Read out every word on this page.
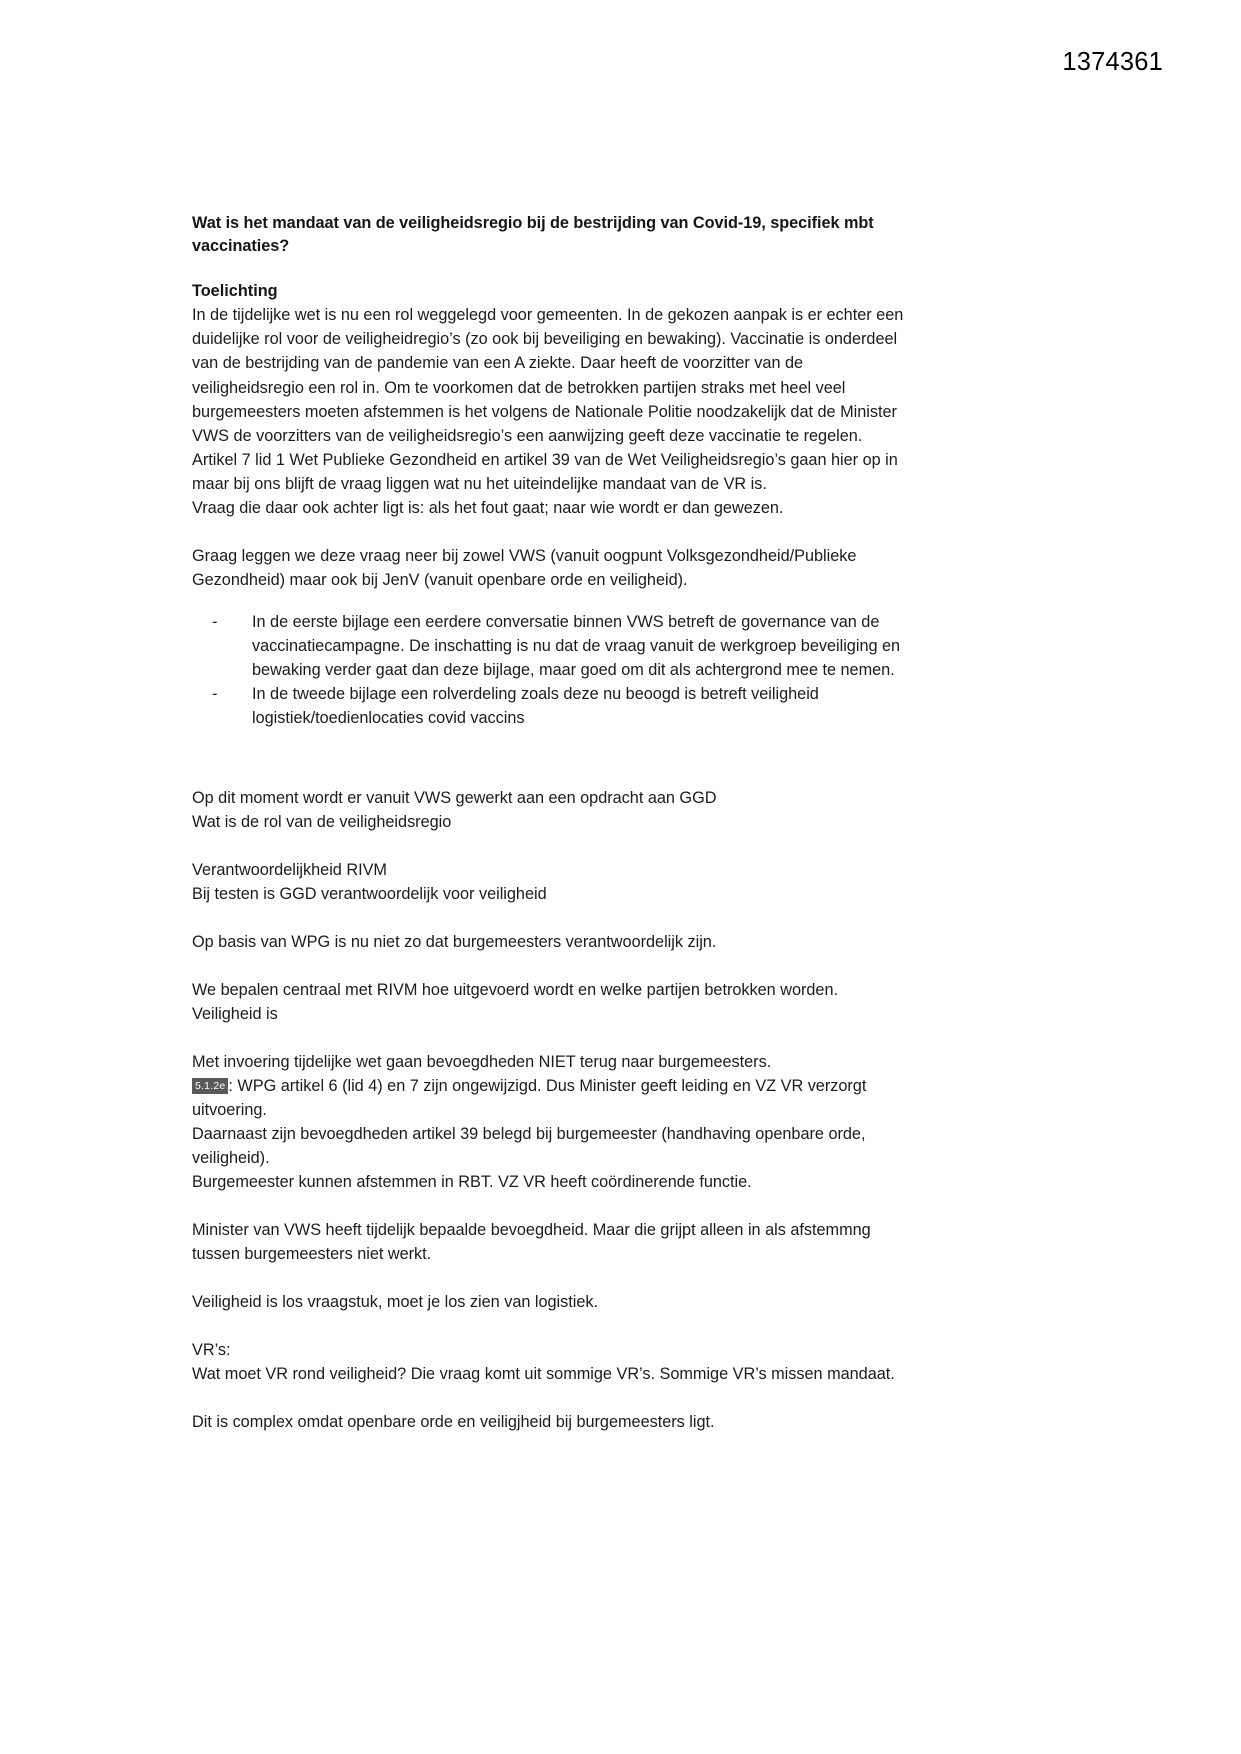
1374361

Wat is het mandaat van de veiligheidsregio bij de bestrijding van Covid-19, specifiek mbt vaccinaties?

Toelichting

In de tijdelijke wet is nu een rol weggelegd voor gemeenten. In de gekozen aanpak is er echter een duidelijke rol voor de veiligheidregio’s (zo ook bij beveiliging en bewaking). Vaccinatie is onderdeel van de bestrijding van de pandemie van een A ziekte. Daar heeft de voorzitter van de veiligheidsregio een rol in. Om te voorkomen dat de betrokken partijen straks met heel veel burgemeesters moeten afstemmen is het volgens de Nationale Politie noodzakelijk dat de Minister VWS de voorzitters van de veiligheidsregio’s een aanwijzing geeft deze vaccinatie te regelen. Artikel 7 lid 1 Wet Publieke Gezondheid en artikel 39 van de Wet Veiligheidsregio’s gaan hier op in maar bij ons blijft de vraag liggen wat nu het uiteindelijke mandaat van de VR is.

Vraag die daar ook achter ligt is: als het fout gaat; naar wie wordt er dan gewezen.

Graag leggen we deze vraag neer bij zowel VWS (vanuit oogpunt Volksgezondheid/Publieke Gezondheid) maar ook bij JenV (vanuit openbare orde en veiligheid).

- In de eerste bijlage een eerdere conversatie binnen VWS betreft de governance van de vaccinatiecampagne. De inschatting is nu dat de vraag vanuit de werkgroep beveiliging en bewaking verder gaat dan deze bijlage, maar goed om dit als achtergrond mee te nemen.
- In de tweede bijlage een rolverdeling zoals deze nu beoogd is betreft veiligheid logistiek/toedienlocaties covid vaccins

Op dit moment wordt er vanuit VWS gewerkt aan een opdracht aan GGD

Wat is de rol van de veiligheidsregio

Verantwoordelijkheid RIVM

Bij testen is GGD verantwoordelijk voor veiligheid

Op basis van WPG is nu niet zo dat burgemeesters verantwoordelijk zijn.

We bepalen centraal met RIVM hoe uitgevoerd wordt en welke partijen betrokken worden.

Veiligheid is

Met invoering tijdelijke wet gaan bevoegdheden NIET terug naar burgemeesters.

5.1.2e : WPG artikel 6 (lid 4) en 7 zijn ongewijzigd. Dus Minister geeft leiding en VZ VR verzorgt uitvoering.

Daarnaast zijn bevoegdheden artikel 39 belegd bij burgemeester (handhaving openbare orde, veiligheid).

Burgemeester kunnen afstemmen in RBT. VZ VR heeft coördinerende functie.

Minister van VWS heeft tijdelijk bepaalde bevoegdheid. Maar die grijpt alleen in als afstemmng tussen burgemeesters niet werkt.

Veiligheid is los vraagstuk, moet je los zien van logistiek.

VR’s:

Wat moet VR rond veiligheid? Die vraag komt uit sommige VR’s. Sommige VR’s missen mandaat.

Dit is complex omdat openbare orde en veiligjheid bij burgemeesters ligt.
